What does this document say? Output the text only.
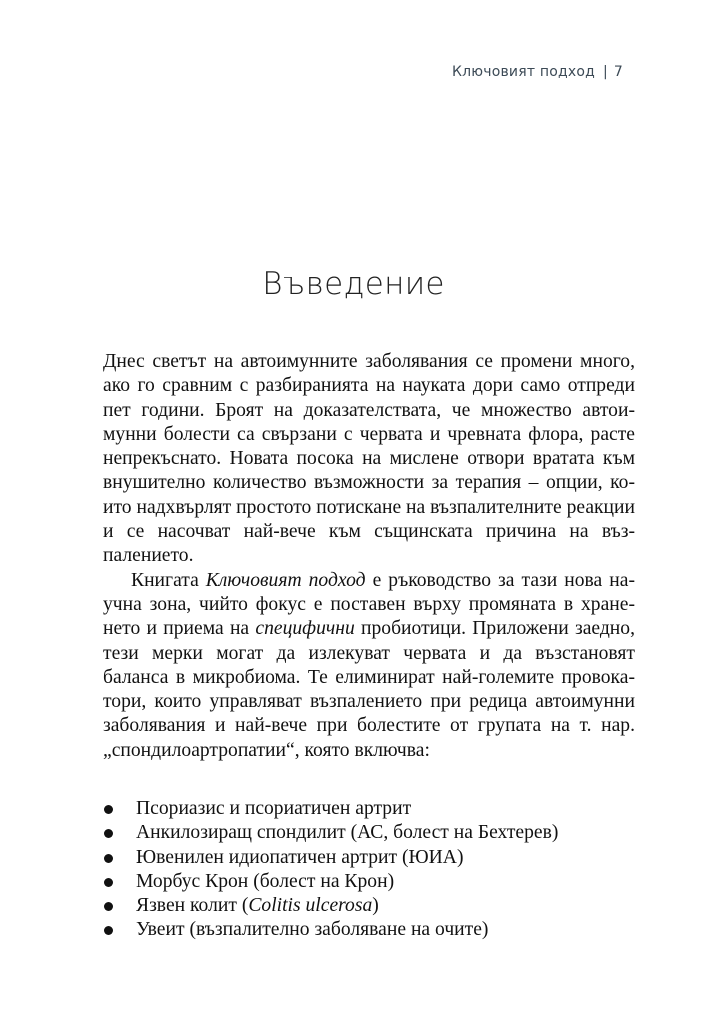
Ключовият подход | 7
Въведение

Днес светът на автоимунните заболявания се промени много, ако го сравним с разбиранията на науката дори само отпреди пет години. Броят на доказателствата, че множество автоимунни болести са свързани с червата и чревната флора, расте непрекъснато. Новата посока на мислене отвори вратата към внушително количество възможности за терапия – опции, които надхвърлят простото потискане на възпалителните реакции и се насочват най-вече към същинската причина на възпалението.

Книгата Ключовият подход е ръководство за тази нова научна зона, чийто фокус е поставен върху промяната в храненето и приема на специфични пробиотици. Приложени заедно, тези мерки могат да излекуват червата и да възстановят баланса в микробиома. Те елиминират най-големите провокатори, които управляват възпалението при редица автоимунни заболявания и най-вече при болестите от групата на т. нар. „спондилоартропатии“, която включва:

Псориазис и псориатичен артрит
Анкилозиращ спондилит (АС, болест на Бехтерев)
Ювенилен идиопатичен артрит (ЮИА)
Морбус Крон (болест на Крон)
Язвен колит (Colitis ulcerosa)
Увеит (възпалително заболяване на очите)
